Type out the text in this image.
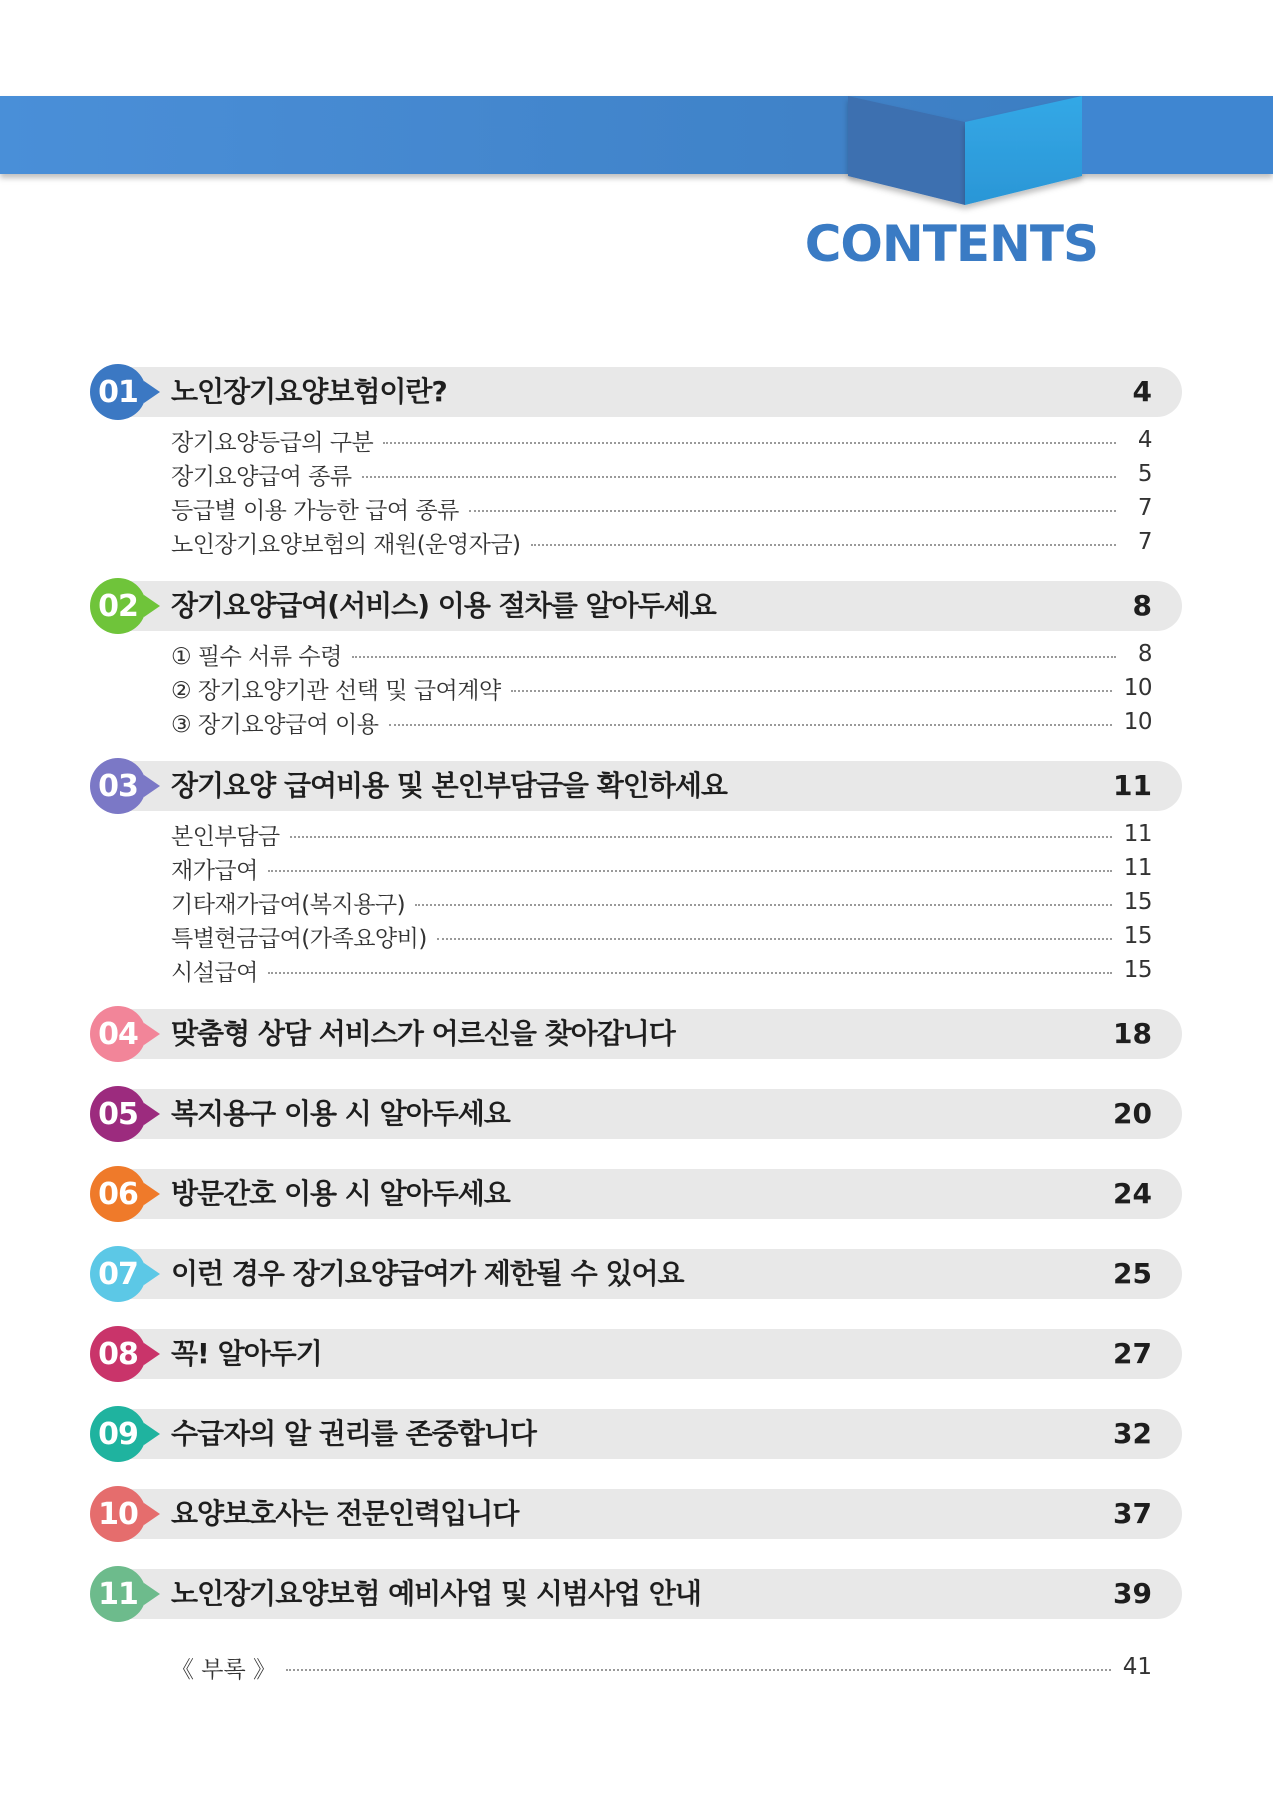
CONTENTS
01 노인장기요양보험이란?	4
장기요양등급의 구분	4
장기요양급여 종류	5
등급별 이용 가능한 급여 종류	7
노인장기요양보험의 재원(운영자금)	7
02 장기요양급여(서비스) 이용 절차를 알아두세요	8
① 필수 서류 수령	8
② 장기요양기관 선택 및 급여계약	10
③ 장기요양급여 이용	10
03 장기요양 급여비용 및 본인부담금을 확인하세요	11
본인부담금	11
재가급여	11
기타재가급여(복지용구)	15
특별현금급여(가족요양비)	15
시설급여	15
04 맞춤형 상담 서비스가 어르신을 찾아갑니다	18
05 복지용구 이용 시 알아두세요	20
06 방문간호 이용 시 알아두세요	24
07 이런 경우 장기요양급여가 제한될 수 있어요	25
08 꼭! 알아두기	27
09 수급자의 알 권리를 존중합니다	32
10 요양보호사는 전문인력입니다	37
11 노인장기요양보험 예비사업 및 시범사업 안내	39
《 부록 》	41
